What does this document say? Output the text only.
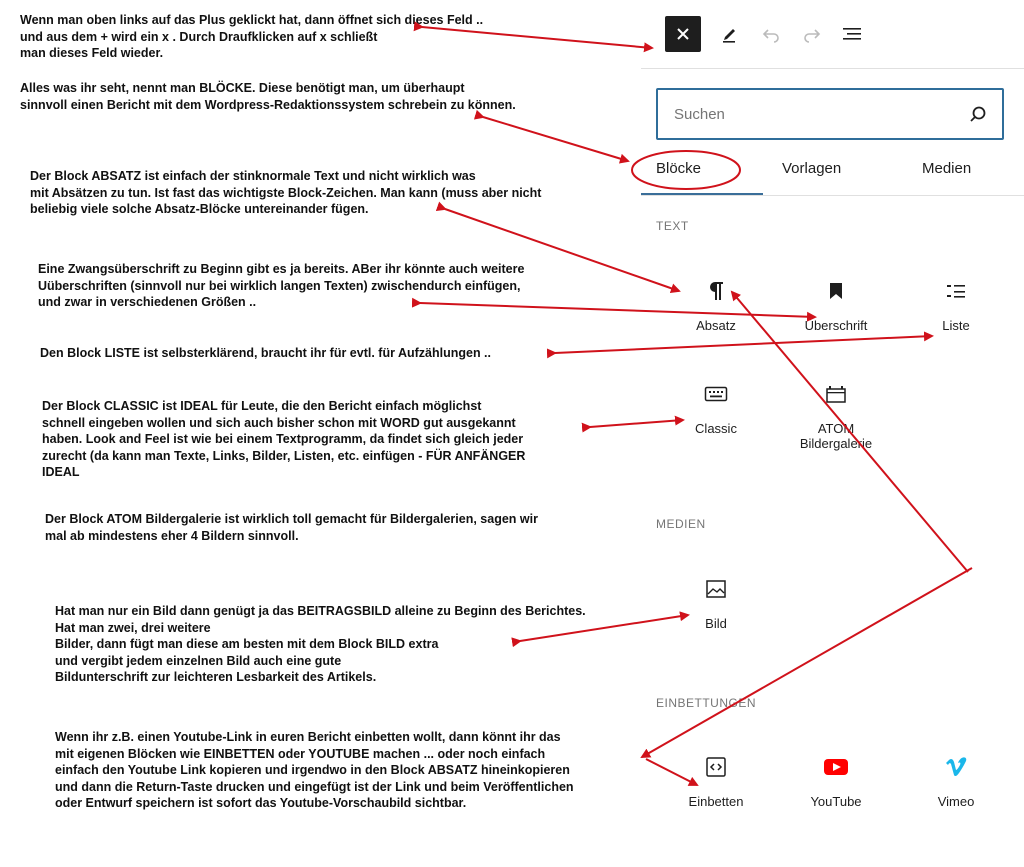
Wenn man oben links auf das Plus geklickt hat, dann öffnet sich dieses Feld ..
und aus dem + wird ein x . Durch Draufklicken auf x schließt
man dieses Feld wieder.

Alles was ihr seht, nennt man BLÖCKE. Diese benötigt man, um überhaupt
sinnvoll einen Bericht mit dem Wordpress-Redaktionssystem schrebein zu können.

Der Block ABSATZ ist einfach der stinknormale Text und nicht wirklich was
mit Absätzen zu tun. Ist fast das wichtigste Block-Zeichen. Man kann (muss aber nicht
beliebig viele solche Absatz-Blöcke untereinander fügen.

Eine Zwangsüberschrift zu Beginn gibt es ja bereits. ABer ihr könnte auch weitere
Uüberschriften (sinnvoll nur bei wirklich langen Texten) zwischendurch einfügen,
und zwar in verschiedenen Größen ..

Den Block LISTE ist selbsterklärend, braucht ihr für evtl. für Aufzählungen ..

Der Block CLASSIC ist IDEAL für Leute, die den Bericht einfach möglichst
schnell eingeben wollen und sich auch bisher schon mit WORD gut ausgekannt
haben. Look and Feel ist wie bei einem Textprogramm, da findet sich gleich jeder
zurecht (da kann man Texte, Links, Bilder, Listen, etc. einfügen - FÜR ANFÄNGER
IDEAL

Der Block ATOM Bildergalerie ist wirklich toll gemacht für Bildergalerien, sagen wir
mal ab mindestens eher 4 Bildern sinnvoll.

Hat man nur ein Bild dann genügt ja das BEITRAGSBILD alleine zu Beginn des Berichtes.
Hat man zwei, drei weitere
Bilder, dann fügt man diese am besten mit dem Block BILD extra
und vergibt jedem einzelnen Bild auch eine gute
Bildunterschrift zur leichteren Lesbarkeit des Artikels.

Wenn ihr z.B. einen Youtube-Link in euren Bericht einbetten wollt, dann könnt ihr das
mit eigenen Blöcken wie EINBETTEN oder YOUTUBE machen ... oder noch einfach
einfach den Youtube Link kopieren und irgendwo in den Block ABSATZ hineinkopieren
und dann die Return-Taste drucken und eingefügt ist der Link und beim Veröffentlichen
oder Entwurf speichern ist sofort das Youtube-Vorschaubild sichtbar.

Suchen
Blöcke	Vorlagen	Medien
TEXT
MEDIEN
EINBETTUNGEN
Absatz	Überschrift	Liste
Classic	ATOM
Bildergalerie
Bild
Einbetten	YouTube	Vimeo
